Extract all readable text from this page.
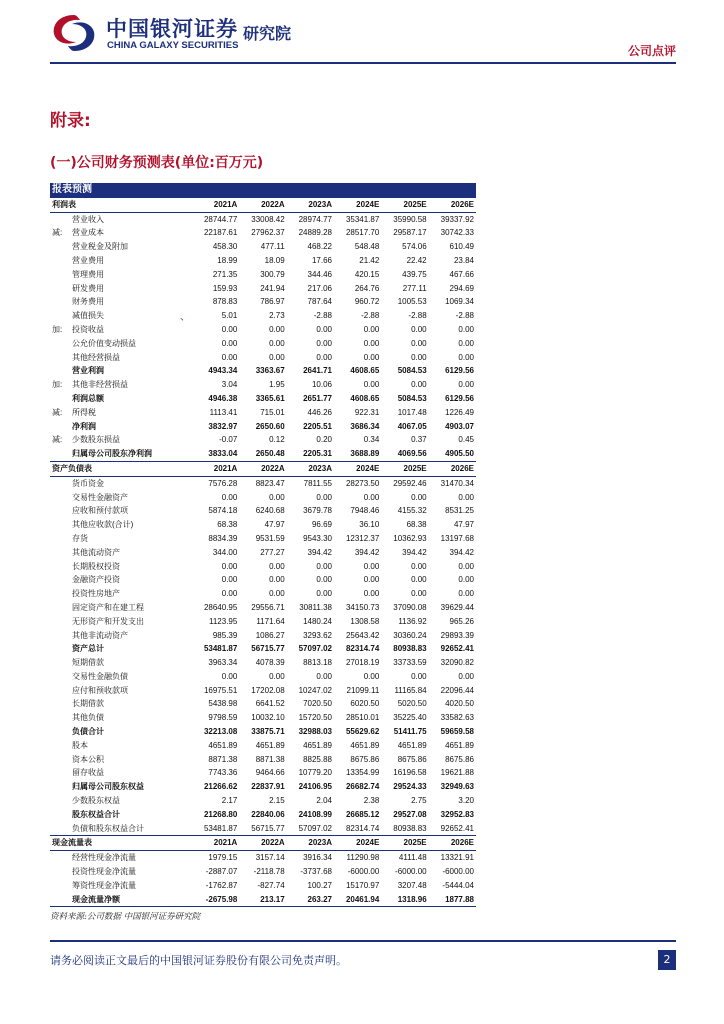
中国银河证券
CHINA GALAXY SECURITIES
研究院
公司点评
附录:
(一)公司财务预测表(单位:百万元)
、
报表预测						
利润表	2021A	2022A	2023A	2024E	2025E	2026E
营业收入	28744.77	33008.42	28974.77	35341.87	35990.58	39337.92
减: 营业成本	22187.61	27962.37	24889.28	28517.70	29587.17	30742.33
营业税金及附加	458.30	477.11	468.22	548.48	574.06	610.49
营业费用	18.99	18.09	17.66	21.42	22.42	23.84
管理费用	271.35	300.79	344.46	420.15	439.75	467.66
研发费用	159.93	241.94	217.06	264.76	277.11	294.69
财务费用	878.83	786.97	787.64	960.72	1005.53	1069.34
减值损失	5.01	2.73	-2.88	-2.88	-2.88	-2.88
加: 投资收益	0.00	0.00	0.00	0.00	0.00	0.00
公允价值变动损益	0.00	0.00	0.00	0.00	0.00	0.00
其他经营损益	0.00	0.00	0.00	0.00	0.00	0.00
营业利润	4943.34	3363.67	2641.71	4608.65	5084.53	6129.56
加: 其他非经营损益	3.04	1.95	10.06	0.00	0.00	0.00
利润总额	4946.38	3365.61	2651.77	4608.65	5084.53	6129.56
减: 所得税	1113.41	715.01	446.26	922.31	1017.48	1226.49
净利润	3832.97	2650.60	2205.51	3686.34	4067.05	4903.07
减: 少数股东损益	-0.07	0.12	0.20	0.34	0.37	0.45
归属母公司股东净利润	3833.04	2650.48	2205.31	3688.89	4069.56	4905.50
资产负债表	2021A	2022A	2023A	2024E	2025E	2026E
货币资金	7576.28	8823.47	7811.55	28273.50	29592.46	31470.34
交易性金融资产	0.00	0.00	0.00	0.00	0.00	0.00
应收和预付款项	5874.18	6240.68	3679.78	7948.46	4155.32	8531.25
其他应收款(合计)	68.38	47.97	96.69	36.10	68.38	47.97
存货	8834.39	9531.59	9543.30	12312.37	10362.93	13197.68
其他流动资产	344.00	277.27	394.42	394.42	394.42	394.42
长期股权投资	0.00	0.00	0.00	0.00	0.00	0.00
金融资产投资	0.00	0.00	0.00	0.00	0.00	0.00
投资性房地产	0.00	0.00	0.00	0.00	0.00	0.00
固定资产和在建工程	28640.95	29556.71	30811.38	34150.73	37090.08	39629.44
无形资产和开发支出	1123.95	1171.64	1480.24	1308.58	1136.92	965.26
其他非流动资产	985.39	1086.27	3293.62	25643.42	30360.24	29893.39
资产总计	53481.87	56715.77	57097.02	82314.74	80938.83	92652.41
短期借款	3963.34	4078.39	8813.18	27018.19	33733.59	32090.82
交易性金融负债	0.00	0.00	0.00	0.00	0.00	0.00
应付和预收款项	16975.51	17202.08	10247.02	21099.11	11165.84	22096.44
长期借款	5438.98	6641.52	7020.50	6020.50	5020.50	4020.50
其他负债	9798.59	10032.10	15720.50	28510.01	35225.40	33582.63
负债合计	32213.08	33875.71	32988.03	55629.62	51411.75	59659.58
股本	4651.89	4651.89	4651.89	4651.89	4651.89	4651.89
资本公积	8871.38	8871.38	8825.88	8675.86	8675.86	8675.86
留存收益	7743.36	9464.66	10779.20	13354.99	16196.58	19621.88
归属母公司股东权益	21266.62	22837.91	24106.95	26682.74	29524.33	32949.63
少数股东权益	2.17	2.15	2.04	2.38	2.75	3.20
股东权益合计	21268.80	22840.06	24108.99	26685.12	29527.08	32952.83
负债和股东权益合计	53481.87	56715.77	57097.02	82314.74	80938.83	92652.41
现金流量表	2021A	2022A	2023A	2024E	2025E	2026E
经营性现金净流量	1979.15	3157.14	3916.34	11290.98	4111.48	13321.91
投资性现金净流量	-2887.07	-2118.78	-3737.68	-6000.00	-6000.00	-6000.00
筹资性现金净流量	-1762.87	-827.74	100.27	15170.97	3207.48	-5444.04
现金流量净额	-2675.98	213.17	263.27	20461.94	1318.96	1877.88
资料来源:公司数据 中国银河证券研究院
请务必阅读正文最后的中国银河证券股份有限公司免责声明。	2
